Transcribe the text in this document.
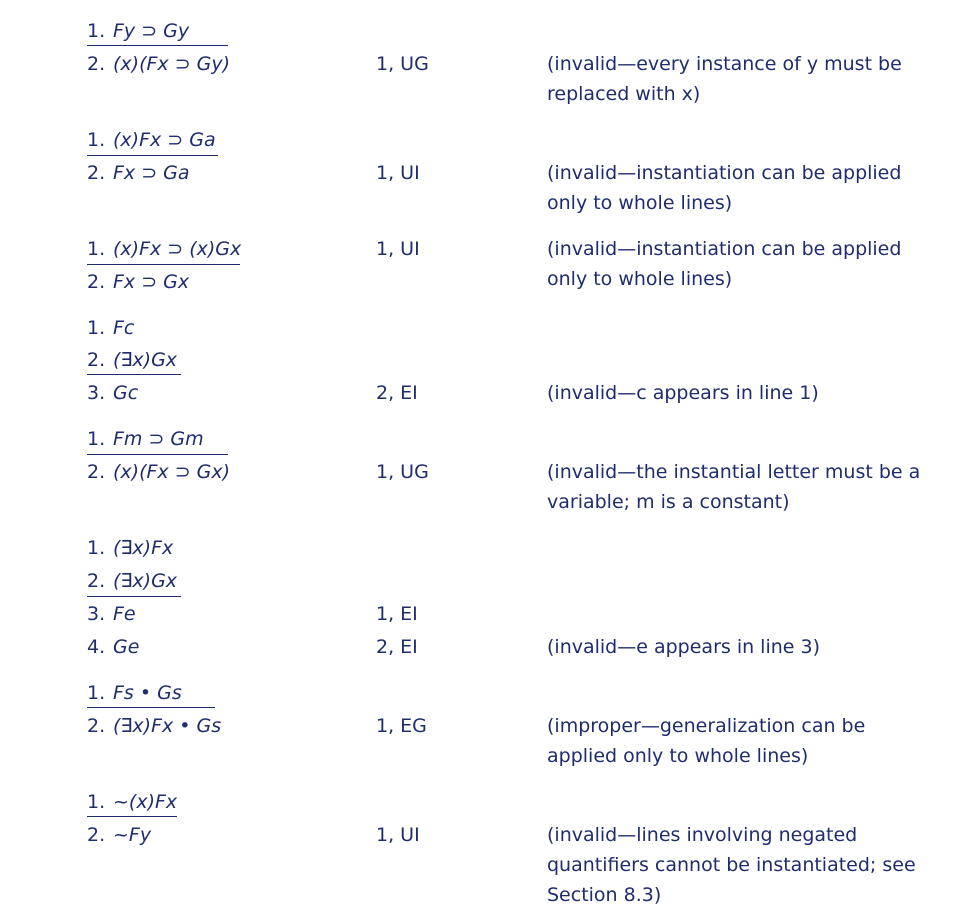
1. Fy ⊃ Gy
2. (x)(Fx ⊃ Gy)	1, UG	(invalid—every instance of y must be
replaced with x)
1. (x)Fx ⊃ Ga
2. Fx ⊃ Ga	1, UI	(invalid—instantiation can be applied
only to whole lines)
1. (x)Fx ⊃ (x)Gx	1, UI	(invalid—instantiation can be applied
only to whole lines)
2. Fx ⊃ Gx
1. Fc
2. (∃x)Gx
3. Gc	2, EI	(invalid—c appears in line 1)
1. Fm ⊃ Gm
2. (x)(Fx ⊃ Gx)	1, UG	(invalid—the instantial letter must be a
variable; m is a constant)
1. (∃x)Fx
2. (∃x)Gx
3. Fe	1, EI
4. Ge	2, EI	(invalid—e appears in line 3)
1. Fs • Gs
2. (∃x)Fx • Gs	1, EG	(improper—generalization can be
applied only to whole lines)
1. ~(x)Fx
2. ~Fy	1, UI	(invalid—lines involving negated
quantifiers cannot be instantiated; see
Section 8.3)
